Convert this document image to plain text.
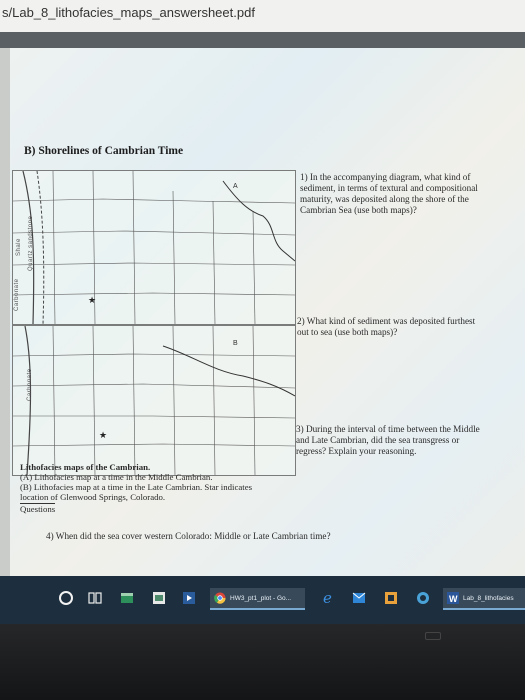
s/Lab_8_lithofacies_maps_answersheet.pdf
B) Shorelines of Cambrian Time
A
Shale Quartz sandstone
Carbonate	★
B
Carbonate
★

1) In the accompanying diagram, what kind of sediment, in terms of textural and compositional maturity, was deposited along the shore of the Cambrian Sea (use both maps)?

2) What kind of sediment was deposited furthest out to sea (use both maps)?

3) During the interval of time between the Middle and Late Cambrian, did the sea transgress or regress? Explain your reasoning.

Lithofacies maps of the Cambrian.
(A) Lithofacies map at a time in the Middle Cambrian.
(B) Lithofacies map at a time in the Late Cambrian. Star indicates location of Glenwood Springs, Colorado.
Questions

4) When did the sea cover western Colorado: Middle or Late Cambrian time?

HW3_pt1_plot - Go... e	W Lab_8_lithofacies
